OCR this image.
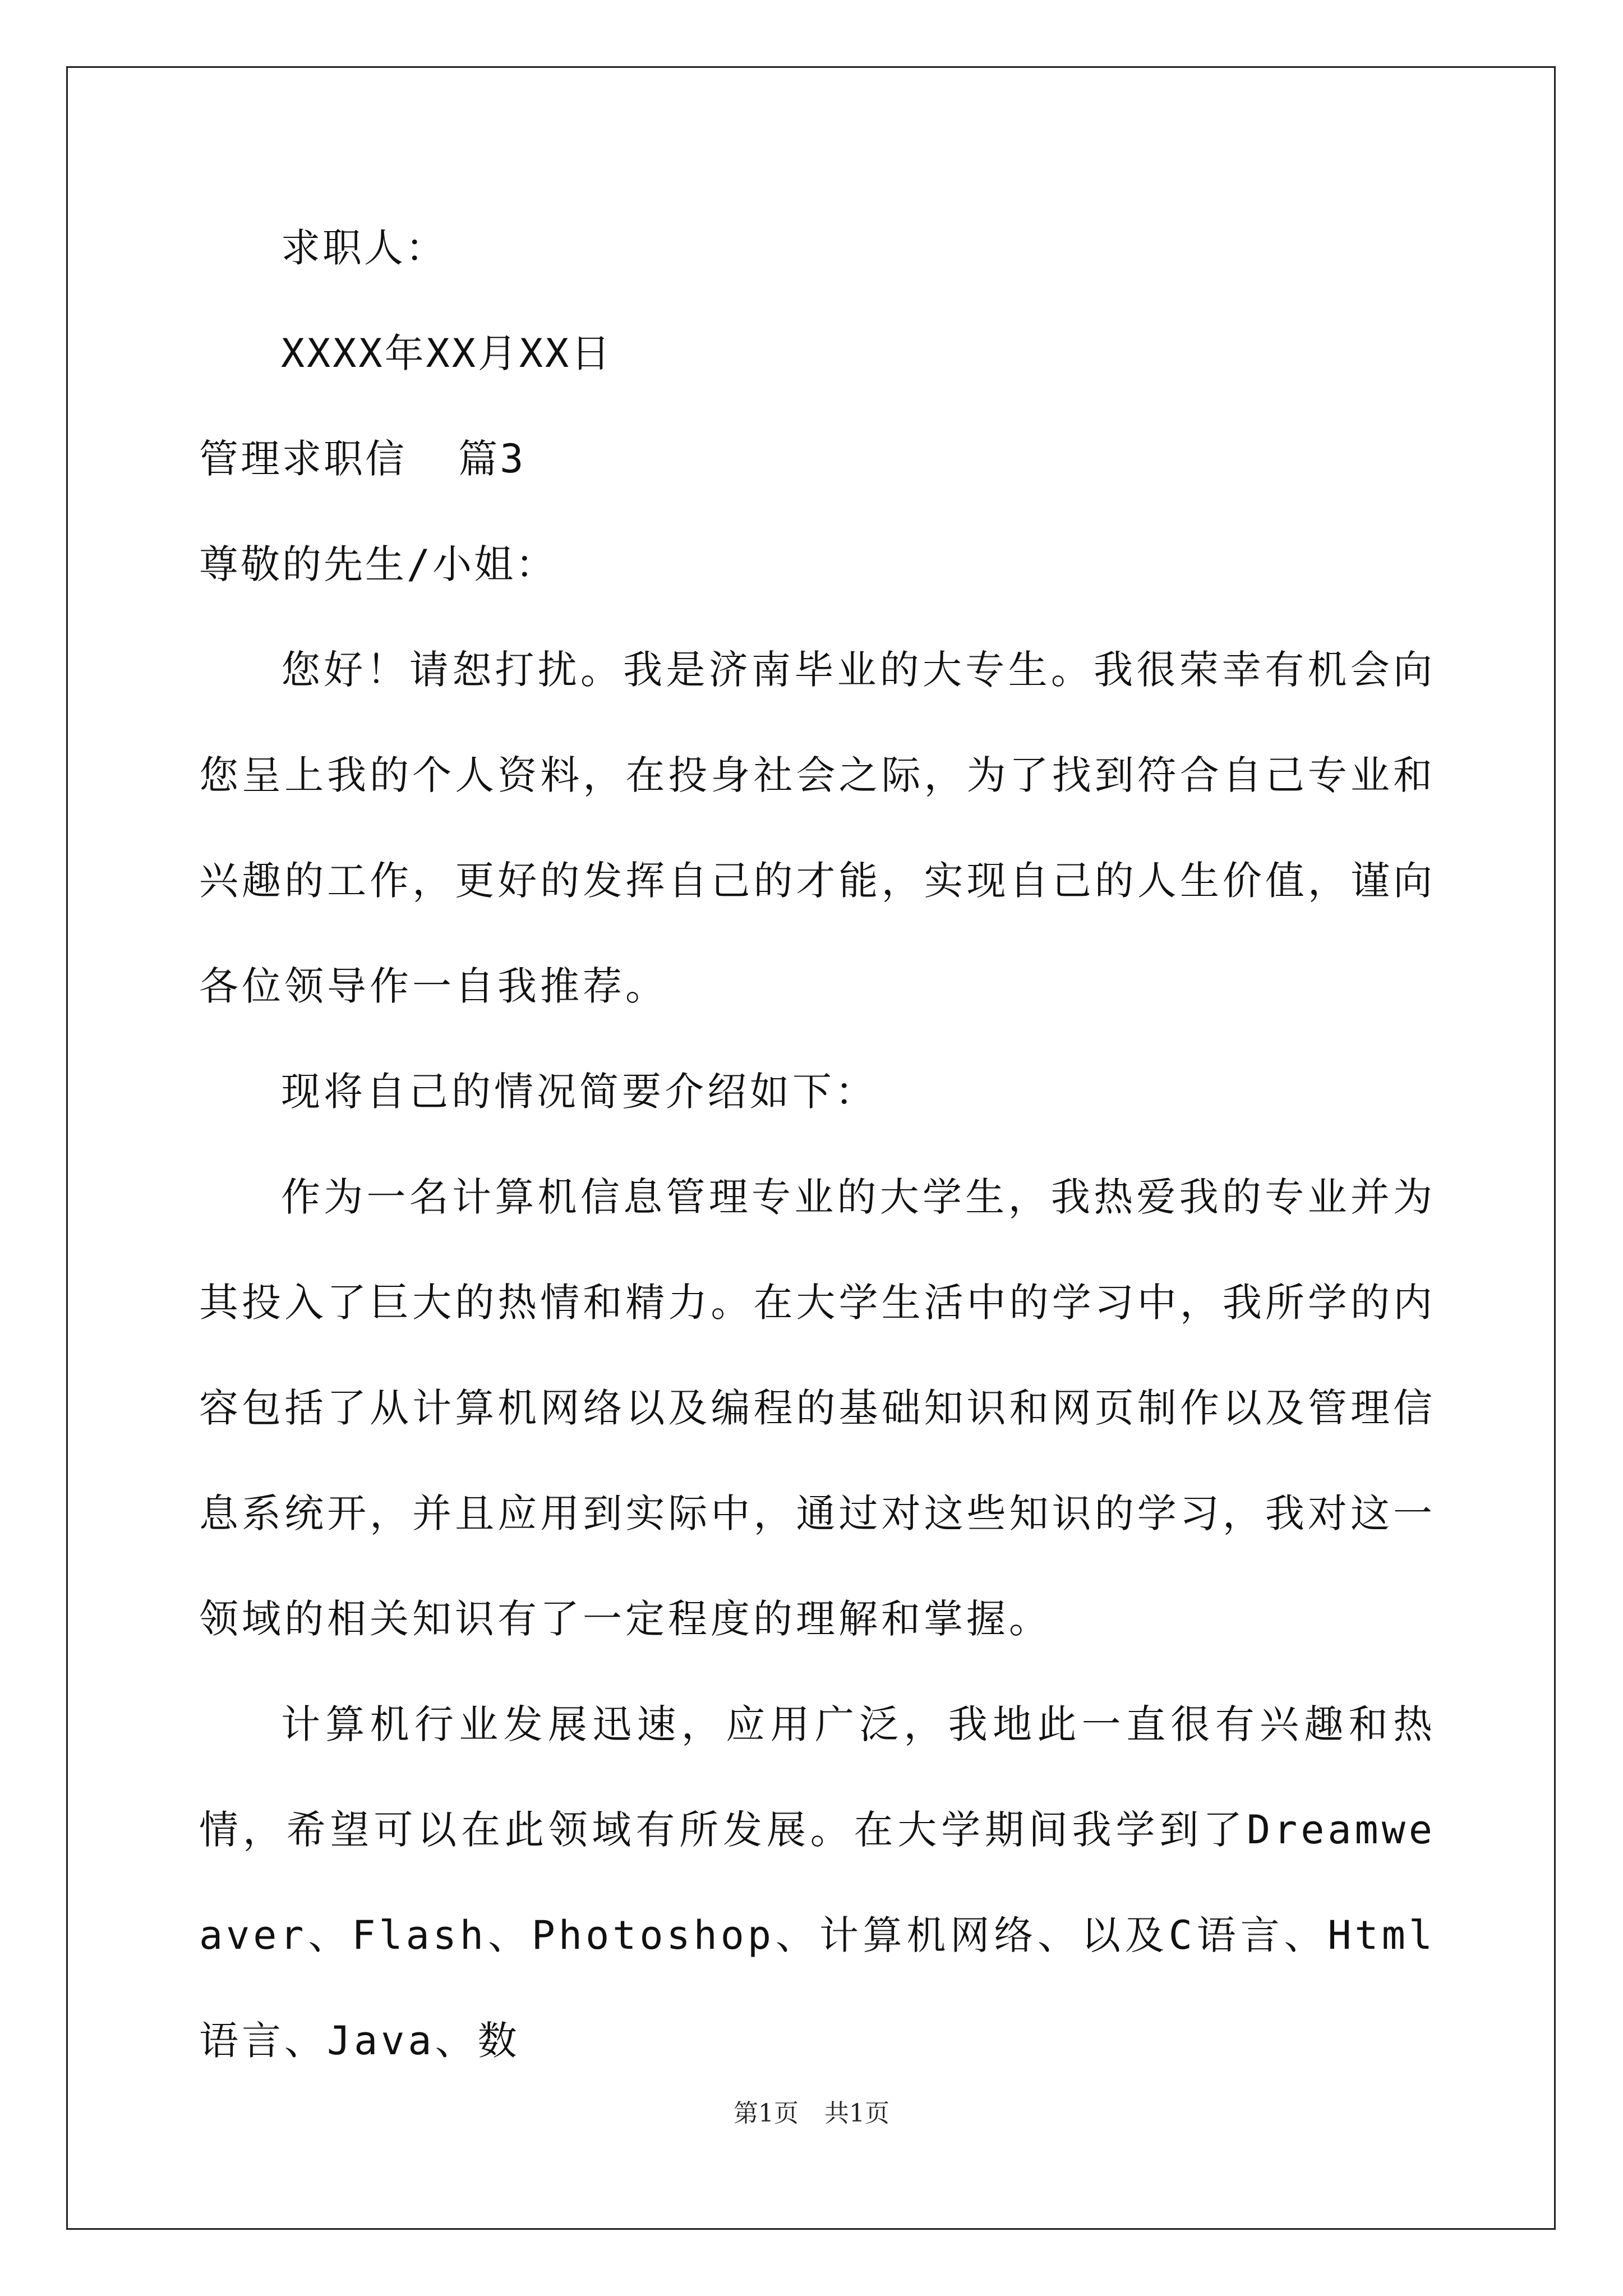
求职人：
XXXX年XX月XX日
管理求职信  篇3
尊敬的先生/小姐：

您好！请恕打扰。我是济南毕业的大专生。我很荣幸有机会向您呈上我的个人资料，在投身社会之际，为了找到符合自己专业和兴趣的工作，更好的发挥自己的才能，实现自己的人生价值，谨向各位领导作一自我推荐。

现将自己的情况简要介绍如下：

作为一名计算机信息管理专业的大学生，我热爱我的专业并为其投入了巨大的热情和精力。在大学生活中的学习中，我所学的内容包括了从计算机网络以及编程的基础知识和网页制作以及管理信息系统开，并且应用到实际中，通过对这些知识的学习，我对这一领域的相关知识有了一定程度的理解和掌握。

计算机行业发展迅速，应用广泛，我地此一直很有兴趣和热情，希望可以在此领域有所发展。在大学期间我学到了Dreamweaver、Flash、Photoshop、计算机网络、以及C语言、Html语言、Java、数

第1页 共1页
